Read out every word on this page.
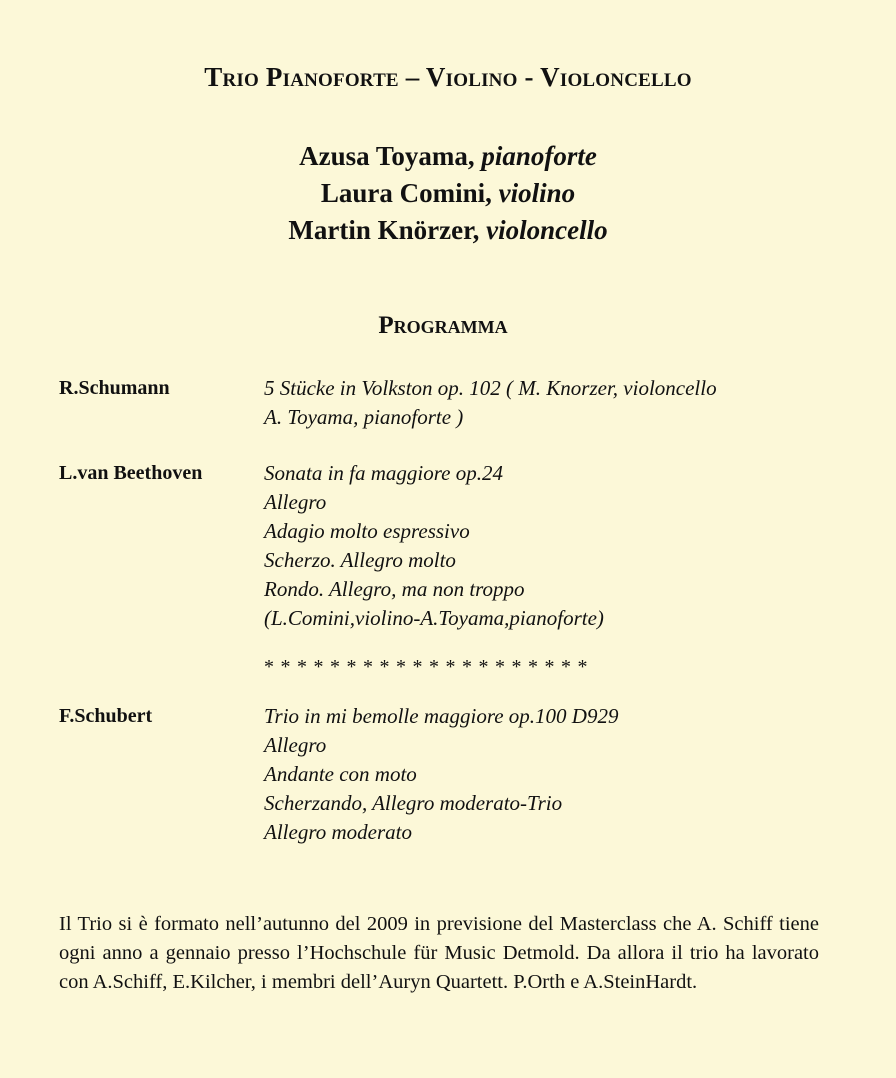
Trio Pianoforte – Violino - Violoncello
Azusa Toyama, pianoforte
Laura Comini, violino
Martin Knörzer, violoncello
Programma
R.Schumann	5 Stücke in Volkston op. 102 ( M. Knorzer, violoncello
A. Toyama, pianoforte )
L.van Beethoven	Sonata in fa maggiore op.24
Allegro
Adagio molto espressivo
Scherzo. Allegro molto
Rondo. Allegro, ma non troppo
(L.Comini,violino-A.Toyama,pianoforte)
********************
F.Schubert	Trio in mi bemolle maggiore op.100 D929
Allegro
Andante con moto
Scherzando, Allegro moderato-Trio
Allegro moderato
Il Trio si è formato nell’autunno del 2009 in previsione del Masterclass che A. Schiff tiene ogni anno a gennaio presso l’Hochschule für Music Detmold. Da allora il trio ha lavorato con A.Schiff, E.Kilcher, i membri dell’Auryn Quartett. P.Orth e A.SteinHardt.
